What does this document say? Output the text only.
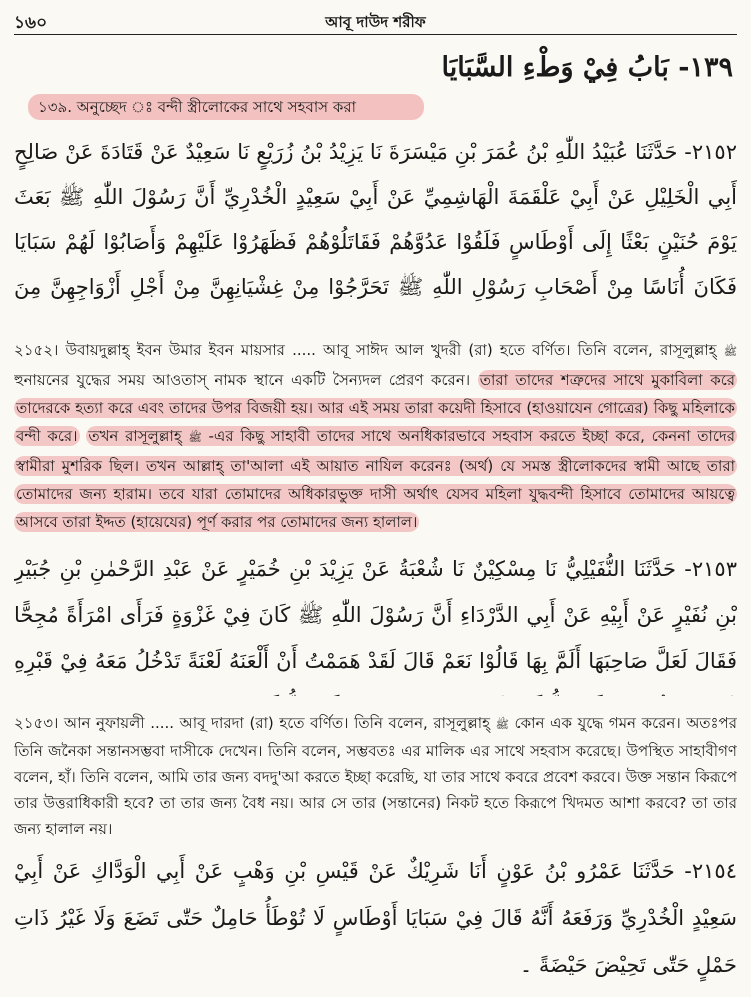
১৬০	আবূ দাউদ শরীফ
١٣٩- بَابُ فِيْ وَطْءِ السَّبَايَا
১৩৯. অনুচ্ছেদ ঃ বন্দী স্ত্রীলোকের সাথে সহবাস করা
٢١٥٢- حَدَّثَنَا عُبَيْدُ اللّٰهِ بْنُ عُمَرَ بْنِ مَيْسَرَةَ نَا يَزِيْدُ بْنُ زُرَيْعٍ نَا سَعِيْدٌ عَنْ قَتَادَةَ عَنْ صَالِحٍ أَبِي الْخَلِيْلِ عَنْ أَبِيْ عَلْقَمَةَ الْهَاشِمِيِّ عَنْ أَبِيْ سَعِيْدٍ الْخُدْرِيِّ أَنَّ رَسُوْلَ اللّٰهِ ﷺ بَعَثَ يَوْمَ حُنَيْنٍ بَعْثًا إِلَى أَوْطَاسٍ فَلَقُوْا عَدُوَّهُمْ فَقَاتَلُوْهُمْ فَظَهَرُوْا عَلَيْهِمْ وَأَصَابُوْا لَهُمْ سَبَايَا فَكَانَ أُنَاسًا مِنْ أَصْحَابِ رَسُوْلِ اللّٰهِ ﷺ تَحَرَّجُوْا مِنْ غِشْيَانِهِنَّ مِنْ أَجْلِ أَزْوَاجِهِنَّ مِنَ
২১৫২। উবায়দুল্লাহ্‌ ইবন উমার ইবন মায়সার ..... আবূ সাঈদ আল খুদরী (রা) হতে বর্ণিত। তিনি বলেন, রাসূলুল্লাহ্‌ ﷺ হুনায়নের যুদ্ধের সময় আওতাস্ নামক স্থানে একটি সৈন্যদল প্রেরণ করেন। তারা তাদের শত্রুদের সাথে মুকাবিলা করে তাদেরকে হত্যা করে এবং তাদের উপর বিজয়ী হয়। আর এই সময় তারা কয়েদী হিসাবে (হাওয়াযেন গোত্রের) কিছু মহিলাকে বন্দী করে। তখন রাসূলুল্লাহ্‌ ﷺ -এর কিছু সাহাবী তাদের সাথে অনধিকারভাবে সহবাস করতে ইচ্ছা করে, কেননা তাদের স্বামীরা মুশরিক ছিল। তখন আল্লাহ্‌ তা'আলা এই আয়াত নাযিল করেনঃ (অর্থ) যে সমস্ত স্ত্রীলোকদের স্বামী আছে তারা তোমাদের জন্য হারাম। তবে যারা তোমাদের অধিকারভুক্ত দাসী অর্থাৎ যেসব মহিলা যুদ্ধবন্দী হিসাবে তোমাদের আয়ত্বে আসবে তারা ইদ্দত (হায়েযের) পূর্ণ করার পর তোমাদের জন্য হালাল।
٢١٥٣- حَدَّثَنَا النُّفَيْلِيُّ نَا مِسْكِيْنٌ نَا شُعْبَةُ عَنْ يَزِيْدَ بْنِ خُمَيْرٍ عَنْ عَبْدِ الرَّحْمٰنِ بْنِ جُبَيْرِ بْنِ نُفَيْرٍ عَنْ أَبِيْهِ عَنْ أَبِي الدَّرْدَاءِ أَنَّ رَسُوْلَ اللّٰهِ ﷺ كَانَ فِيْ غَزْوَةٍ فَرَأَى امْرَأَةً مُجِحًّا فَقَالَ لَعَلَّ صَاحِبَهَا أَلَمَّ بِهَا قَالُوْا نَعَمْ قَالَ لَقَدْ هَمَمْتُ أَنْ أَلْعَنَهُ لَعْنَةً تَدْخُلُ مَعَهُ فِيْ قَبْرِهِ
২১৫৩। আন নুফায়লী ..... আবূ দারদা (রা) হতে বর্ণিত। তিনি বলেন, রাসূলুল্লাহ্‌ ﷺ কোন এক যুদ্ধে গমন করেন। অতঃপর তিনি জনৈকা সন্তানসম্ভবা দাসীকে দেখেন। তিনি বলেন, সম্ভবতঃ এর মালিক এর সাথে সহবাস করেছে। উপস্থিত সাহাবীগণ বলেন, হাঁ। তিনি বলেন, আমি তার জন্য বদদু'আ করতে ইচ্ছা করেছি, যা তার সাথে কবরে প্রবেশ করবে। উক্ত সন্তান কিরূপে তার উত্তরাধিকারী হবে? তা তার জন্য বৈধ নয়। আর সে তার (সন্তানের) নিকট হতে কিরূপে খিদমত আশা করবে? তা তার জন্য হালাল নয়।
٢١٥٤- حَدَّثَنَا عَمْرُو بْنُ عَوْنٍ أَنَا شَرِيْكٌ عَنْ قَيْسِ بْنِ وَهْبٍ عَنْ أَبِي الْوَدَّاكِ عَنْ أَبِيْ سَعِيْدٍ الْخُدْرِيِّ وَرَفَعَهُ أَنَّهُ قَالَ فِيْ سَبَايَا أَوْطَاسٍ لَا تُوْطَأُ حَامِلٌ حَتّٰى تَضَعَ وَلَا غَيْرُ ذَاتِ حَمْلٍ حَتّٰى تَحِيْضَ حَيْضَةً ۔
